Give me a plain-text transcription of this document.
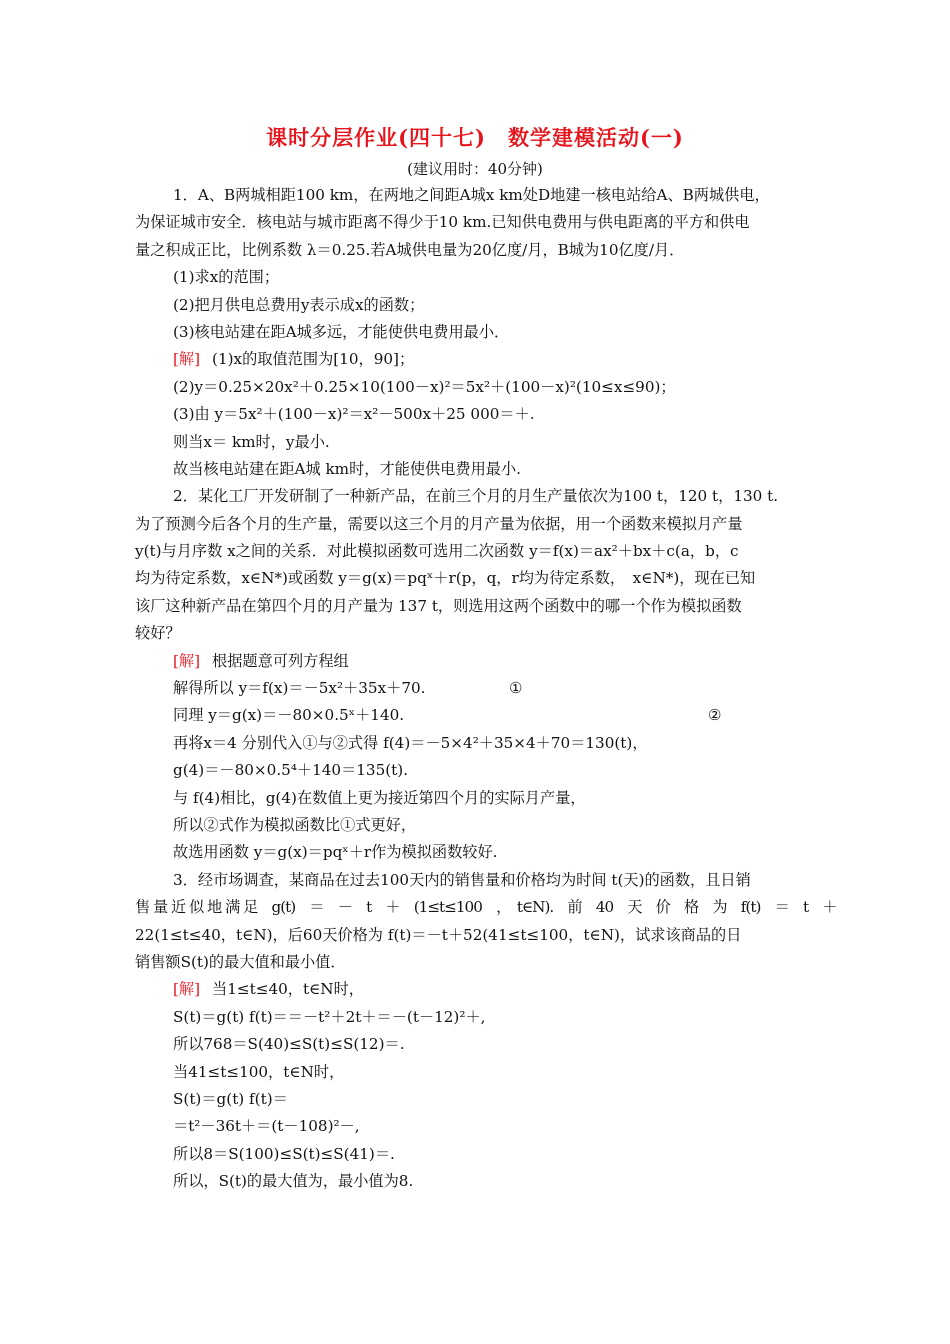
课时分层作业(四十七)　数学建模活动(一)
(建议用时：40分钟)
1．A、B两城相距100 km，在两地之间距A城x km处D地建一核电站给A、B两城供电，
为保证城市安全．核电站与城市距离不得少于10 km.已知供电费用与供电距离的平方和供电
量之积成正比，比例系数 λ＝0.25.若A城供电量为20亿度/月，B城为10亿度/月．
(1)求x的范围；
(2)把月供电总费用y表示成x的函数；
(3)核电站建在距A城多远，才能使供电费用最小．
[解] (1)x的取值范围为[10，90]；
(2)y＝0.25×20x²＋0.25×10(100－x)²＝5x²＋(100－x)²(10≤x≤90)；
(3)由 y＝5x²＋(100－x)²＝x²－500x＋25 000＝＋.
则当x＝ km时，y最小.
故当核电站建在距A城 km时，才能使供电费用最小.
2．某化工厂开发研制了一种新产品，在前三个月的月生产量依次为100 t，120 t，130 t.
为了预测今后各个月的生产量，需要以这三个月的月产量为依据，用一个函数来模拟月产量
y(t)与月序数 x之间的关系．对此模拟函数可选用二次函数 y＝f(x)＝ax²＋bx＋c(a，b，c
均为待定系数，x∈N*)或函数 y＝g(x)＝pqˣ＋r(p，q，r均为待定系数，　x∈N*)，现在已知
该厂这种新产品在第四个月的月产量为 137 t，则选用这两个函数中的哪一个作为模拟函数
较好？
[解] 根据题意可列方程组
解得所以 y＝f(x)＝－5x²＋35x＋70.	①
同理 y＝g(x)＝－80×0.5ˣ＋140.	②
再将x＝4 分别代入①与②式得 f(4)＝－5×4²＋35×4＋70＝130(t)，
g(4)＝－80×0.5⁴＋140＝135(t).
与 f(4)相比，g(4)在数值上更为接近第四个月的实际月产量，
所以②式作为模拟函数比①式更好，
故选用函数 y＝g(x)＝pqˣ＋r作为模拟函数较好.
3．经市场调查，某商品在过去100天内的销售量和价格均为时间 t(天)的函数，且日销
售 量 近 似 地 满 足　g(t)　＝　－　t　＋　(1≤t≤100　，　t∈N).　前　40　天　价　格　为　f(t)　＝　t　＋
22(1≤t≤40，t∈N)，后60天价格为 f(t)＝－t＋52(41≤t≤100，t∈N)，试求该商品的日
销售额S(t)的最大值和最小值．
[解] 当1≤t≤40，t∈N时，
S(t)＝g(t) f(t)＝＝－t²＋2t＋＝－(t－12)²＋,
所以768＝S(40)≤S(t)≤S(12)＝.
当41≤t≤100，t∈N时，
S(t)＝g(t) f(t)＝
＝t²－36t＋＝(t－108)²－,
所以8＝S(100)≤S(t)≤S(41)＝.
所以，S(t)的最大值为，最小值为8.
